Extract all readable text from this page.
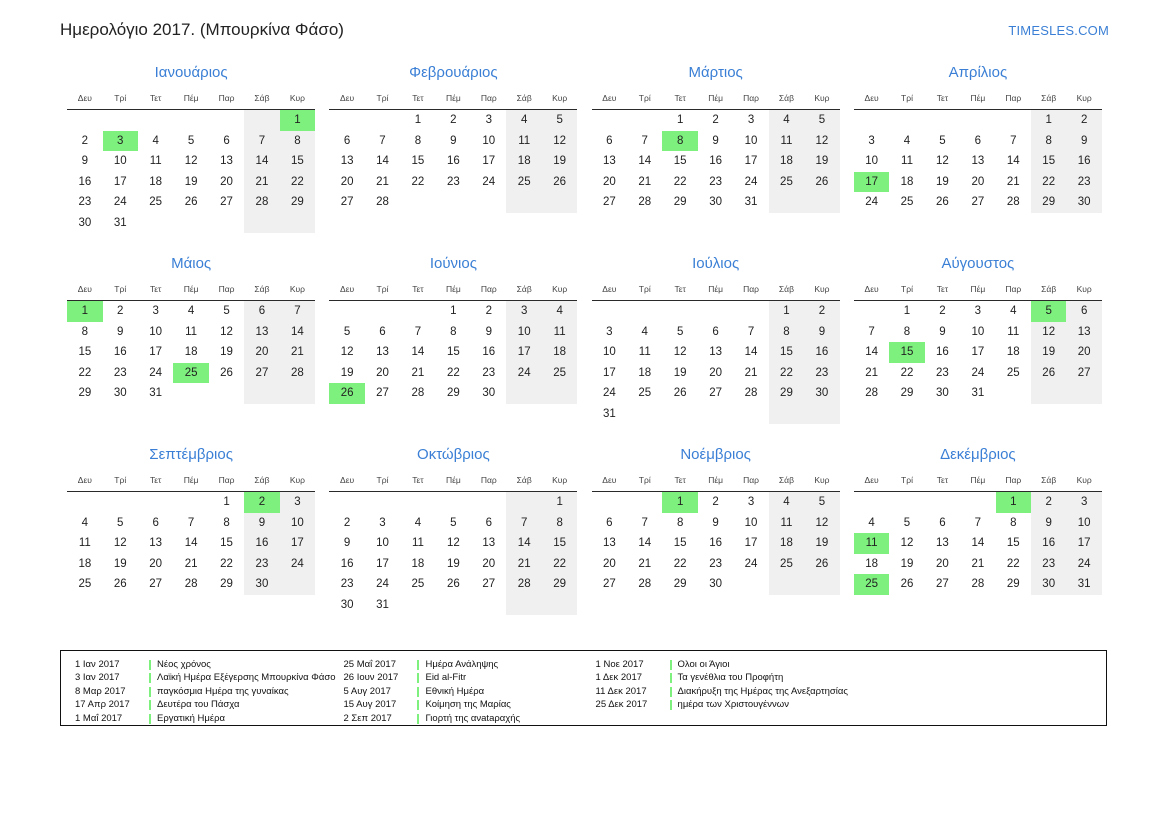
Ημερολόγιο 2017. (Μπουρκίνα Φάσο)	TIMESLES.COM
Ιανουάριος
Δευ	Τρί	Τετ	Πέμ	Παρ	Σάβ	Κυρ
						1
2	3	4	5	6	7	8
9	10	11	12	13	14	15
16	17	18	19	20	21	22
23	24	25	26	27	28	29
30	31					
Φεβρουάριος
Δευ	Τρί	Τετ	Πέμ	Παρ	Σάβ	Κυρ
		1	2	3	4	5
6	7	8	9	10	11	12
13	14	15	16	17	18	19
20	21	22	23	24	25	26
27	28					
Μάρτιος
Δευ	Τρί	Τετ	Πέμ	Παρ	Σάβ	Κυρ
		1	2	3	4	5
6	7	8	9	10	11	12
13	14	15	16	17	18	19
20	21	22	23	24	25	26
27	28	29	30	31		
Απρίλιος
Δευ	Τρί	Τετ	Πέμ	Παρ	Σάβ	Κυρ
					1	2
3	4	5	6	7	8	9
10	11	12	13	14	15	16
17	18	19	20	21	22	23
24	25	26	27	28	29	30
Μάιος
Δευ	Τρί	Τετ	Πέμ	Παρ	Σάβ	Κυρ
1	2	3	4	5	6	7
8	9	10	11	12	13	14
15	16	17	18	19	20	21
22	23	24	25	26	27	28
29	30	31				
Ιούνιος
Δευ	Τρί	Τετ	Πέμ	Παρ	Σάβ	Κυρ
			1	2	3	4
5	6	7	8	9	10	11
12	13	14	15	16	17	18
19	20	21	22	23	24	25
26	27	28	29	30		
Ιούλιος
Δευ	Τρί	Τετ	Πέμ	Παρ	Σάβ	Κυρ
					1	2
3	4	5	6	7	8	9
10	11	12	13	14	15	16
17	18	19	20	21	22	23
24	25	26	27	28	29	30
31						
Αύγουστος
Δευ	Τρί	Τετ	Πέμ	Παρ	Σάβ	Κυρ
	1	2	3	4	5	6
7	8	9	10	11	12	13
14	15	16	17	18	19	20
21	22	23	24	25	26	27
28	29	30	31			
Σεπτέμβριος
Δευ	Τρί	Τετ	Πέμ	Παρ	Σάβ	Κυρ
				1	2	3
4	5	6	7	8	9	10
11	12	13	14	15	16	17
18	19	20	21	22	23	24
25	26	27	28	29	30	
Οκτώβριος
Δευ	Τρί	Τετ	Πέμ	Παρ	Σάβ	Κυρ
						1
2	3	4	5	6	7	8
9	10	11	12	13	14	15
16	17	18	19	20	21	22
23	24	25	26	27	28	29
30	31					
Νοέμβριος
Δευ	Τρί	Τετ	Πέμ	Παρ	Σάβ	Κυρ
		1	2	3	4	5
6	7	8	9	10	11	12
13	14	15	16	17	18	19
20	21	22	23	24	25	26
27	28	29	30			
Δεκέμβριος
Δευ	Τρί	Τετ	Πέμ	Παρ	Σάβ	Κυρ
				1	2	3
4	5	6	7	8	9	10
11	12	13	14	15	16	17
18	19	20	21	22	23	24
25	26	27	28	29	30	31
1 Ιαν 2017	Νέος χρόνος
3 Ιαν 2017	Λαϊκή Ημέρα Εξέγερσης Μπουρκίνα Φάσο
8 Μαρ 2017	παγκόσμια Ημέρα της γυναίκας
17 Απρ 2017	Δευτέρα του Πάσχα
1 Μαΐ 2017	Εργατική Ημέρα
25 Μαΐ 2017	Ημέρα Ανάληψης
26 Ιουν 2017	Eid al-Fitr
5 Αυγ 2017	Εθνική Ημέρα
15 Αυγ 2017	Κοίμηση της Μαρίας
2 Σεπ 2017	Γιορτή της ανataραχής
1 Νοε 2017	Ολοι οι Άγιοι
1 Δεκ 2017	Τα γενέθλια του Προφήτη
11 Δεκ 2017	Διακήρυξη της Ημέρας της Ανεξαρτησίας
25 Δεκ 2017	ημέρα των Χριστουγέννων
